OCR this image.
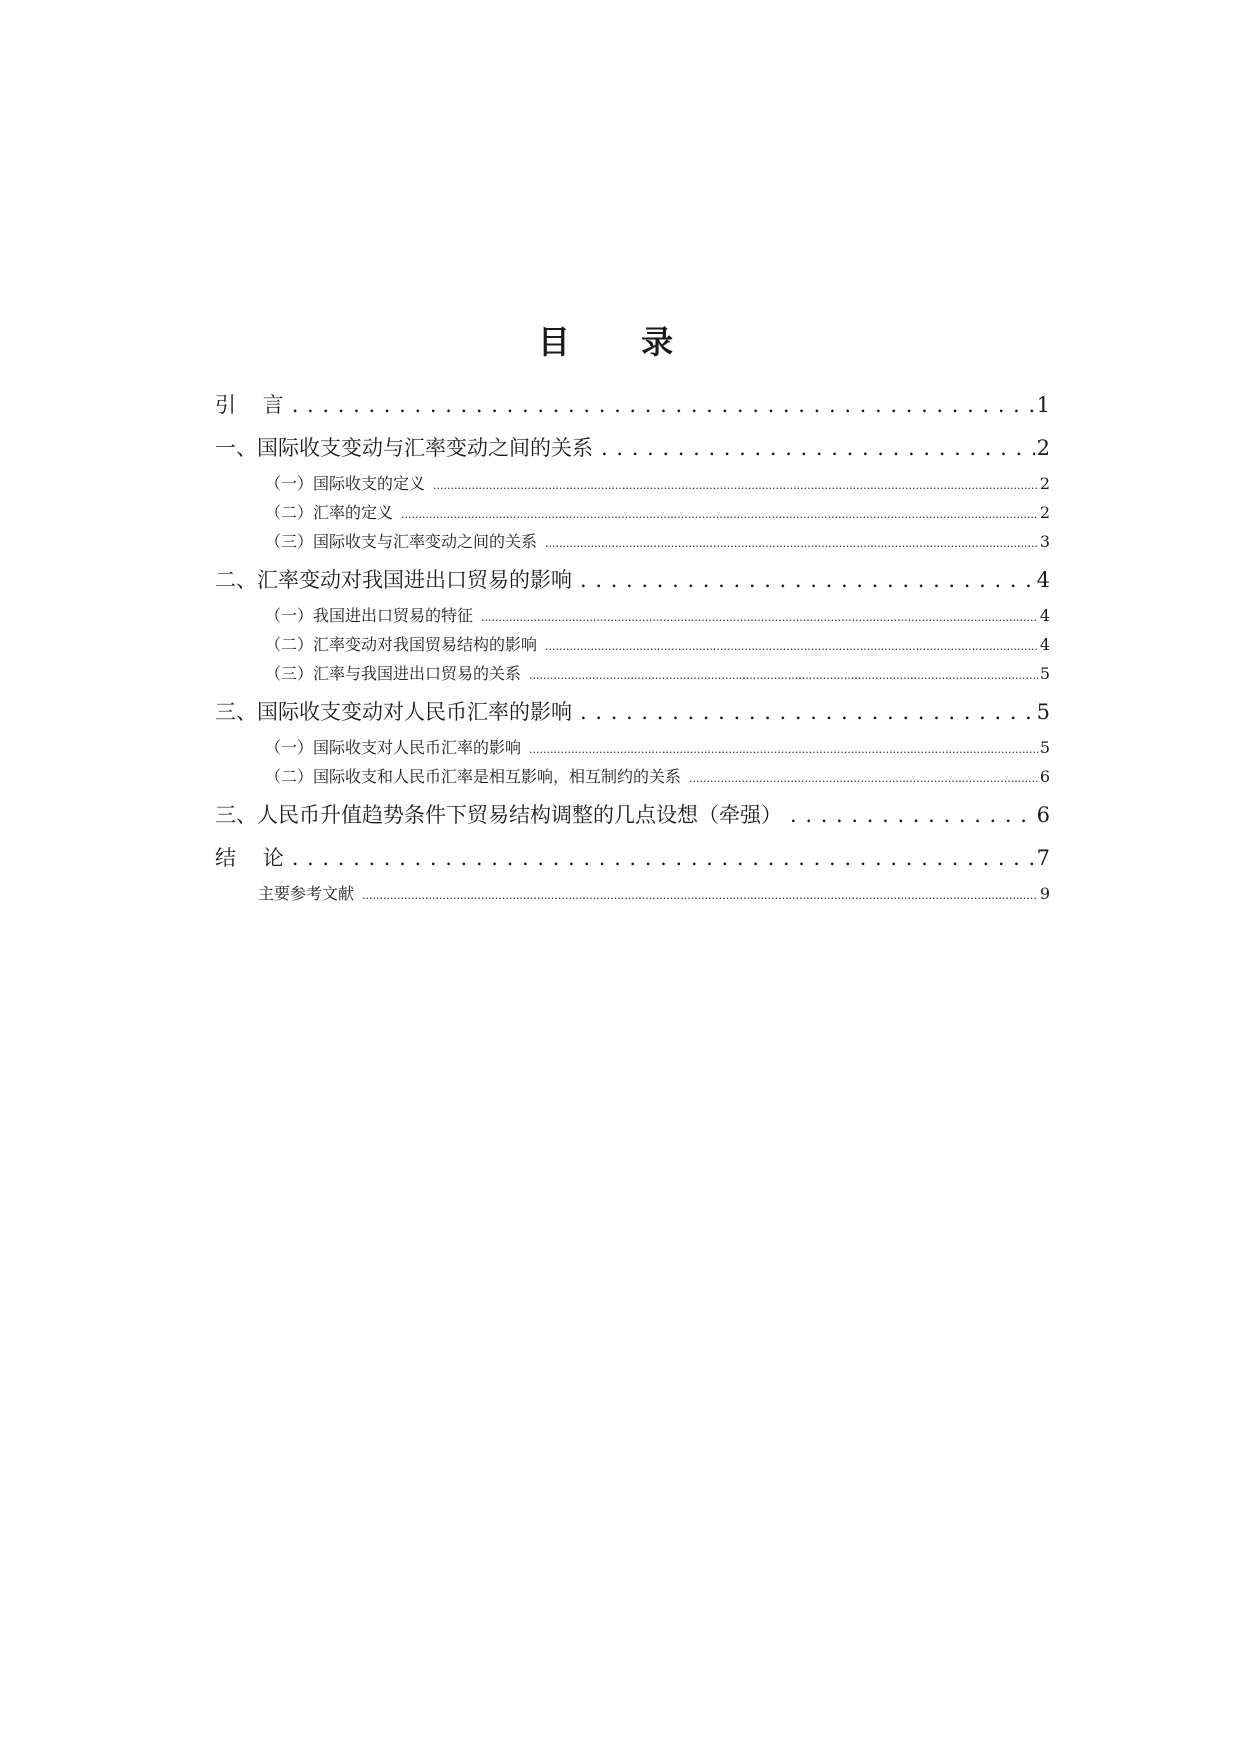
目 录
引    言 . . .	1
一、国际收支变动与汇率变动之间的关系 . . .	2
（一）国际收支的定义 .....	2
（二）汇率的定义 .....	2
（三）国际收支与汇率变动之间的关系 .....	3
二、汇率变动对我国进出口贸易的影响 . . .	4
（一）我国进出口贸易的特征 .....	4
（二）汇率变动对我国贸易结构的影响 .....	4
（三）汇率与我国进出口贸易的关系 .....	5
三、国际收支变动对人民币汇率的影响 . . .	5
（一）国际收支对人民币汇率的影响 .....	5
（二）国际收支和人民币汇率是相互影响，相互制约的关系 .....	6
三、人民币升值趋势条件下贸易结构调整的几点设想（牵强） . . .	6
结    论 . . .	7
主要参考文献 .....	9
